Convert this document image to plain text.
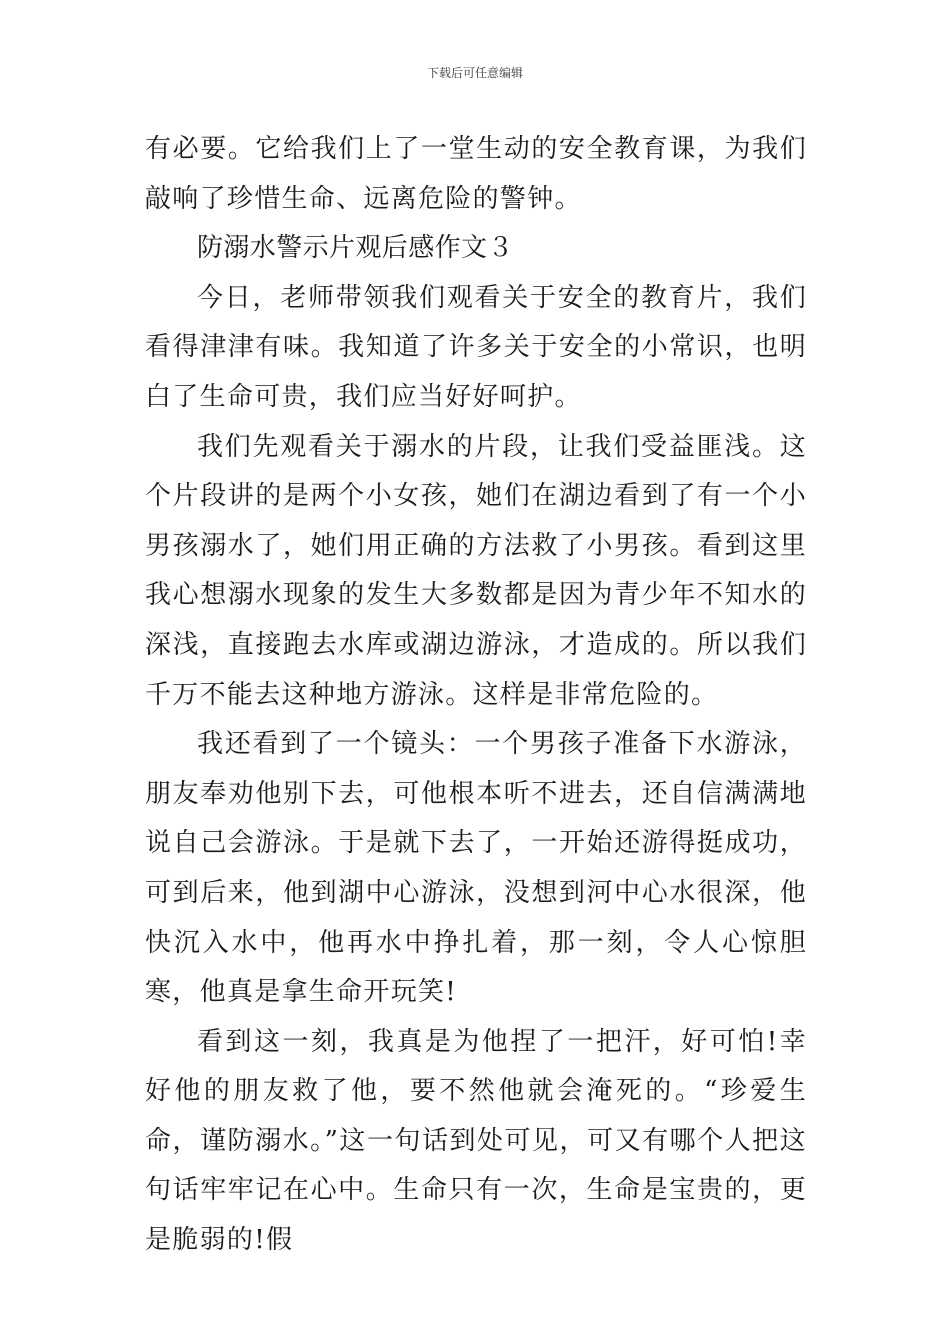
下载后可任意编辑

有必要。它给我们上了一堂生动的安全教育课，为我们敲响了珍惜生命、远离危险的警钟。

防溺水警示片观后感作文３

今日，老师带领我们观看关于安全的教育片，我们看得津津有味。我知道了许多关于安全的小常识，也明白了生命可贵，我们应当好好呵护。

我们先观看关于溺水的片段，让我们受益匪浅。这个片段讲的是两个小女孩，她们在湖边看到了有一个小男孩溺水了，她们用正确的方法救了小男孩。看到这里我心想溺水现象的发生大多数都是因为青少年不知水的深浅，直接跑去水库或湖边游泳，才造成的。所以我们千万不能去这种地方游泳。这样是非常危险的。

我还看到了一个镜头：一个男孩子准备下水游泳，朋友奉劝他别下去，可他根本听不进去，还自信满满地说自己会游泳。于是就下去了，一开始还游得挺成功，可到后来，他到湖中心游泳，没想到河中心水很深，他快沉入水中，他再水中挣扎着，那一刻，令人心惊胆寒，他真是拿生命开玩笑!

看到这一刻，我真是为他捏了一把汗，好可怕!幸好他的朋友救了他，要不然他就会淹死的。“珍爱生命，谨防溺水。”这一句话到处可见，可又有哪个人把这句话牢牢记在心中。生命只有一次，生命是宝贵的，更是脆弱的!假
